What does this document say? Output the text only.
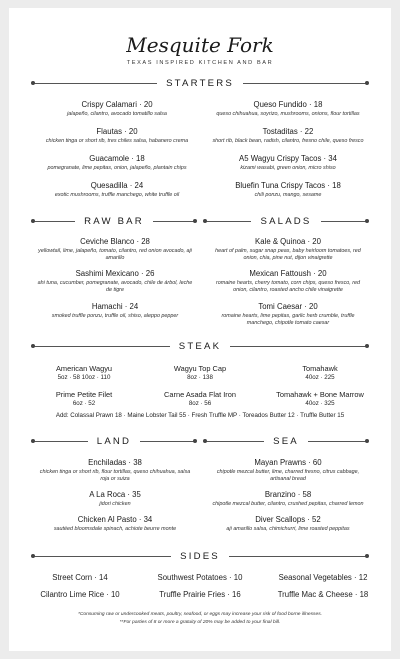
Mesquite Fork
TEXAS INSPIRED KITCHEN AND BAR
STARTERS
Crispy Calamari · 20
jalapeño, cilantro, avocado tomatillo salsa
Queso Fundido · 18
queso chihuahua, soyrizo, mushrooms, onions, flour tortillas
Flautas · 20
chicken tinga or short rib, tres chiles salsa, habanero crema
Tostaditas · 22
short rib, black bean, radish, cilantro, fresno chile, queso fresco
Guacamole · 18
pomegranate, lime pepitas, onion, jalapeño, plantain chips
A5 Wagyu Crispy Tacos · 34
kizami wasabi, green onion, micro shiso
Quesadilla · 24
exotic mushrooms, truffle manchego, white truffle oil
Bluefin Tuna Crispy Tacos · 18
chili ponzu, mango, sesame
RAW BAR	SALADS
Ceviche Blanco · 28
yellowtail, lime, jalapeño, tomato, cilantro, red onion avocado, aji amarillo
Sashimi Mexicano · 26
ahi tuna, cucumber, pomegranate, avocado, chile de árbol, leche de tigre
Hamachi · 24
smoked truffle ponzu, truffle oil, shiso, aleppo pepper
Kale & Quinoa · 20
heart of palm, sugar snap peas, baby heirloom tomatoes, red onion, chia, pine nut, dijon vinaigrette
Mexican Fattoush · 20
romaine hearts, cherry tomato, corn chips, queso fresco, red onion, cilantro, roasted ancho chile vinaigrette
Tomi Caesar · 20
romaine hearts, lime pepitas, garlic herb crumble, truffle manchego, chipotle tomato caesar
STEAK
American Wagyu
5oz · 58 10oz · 110
Wagyu Top Cap
8oz · 138
Tomahawk
40oz · 225
Prime Petite Filet
6oz · 52
Carne Asada Flat Iron
8oz · 56
Tomahawk + Bone Marrow
40oz · 325
Add: Colassal Prawn 18 · Maine Lobster Tail 55 · Fresh Truffle MP · Toreados Butter 12 · Truffle Butter 15
LAND	SEA
Enchiladas · 38
chicken tinga or short rib, flour tortillas, queso chihuahua, salsa roja or suiza
A La Roca · 35
jidori chicken
Chicken Al Pasto · 34
sautéed bloomsdale spinach, achiote beurre monte
Mayan Prawns · 60
chipotle mezcal butter, lime, charred fresno, citrus cabbage, artisanal bread
Branzino · 58
chipotle mezcal butter, cilantro, crushed pepitas, charred lemon
Diver Scallops · 52
aji amarillo salsa, chimichurri, lime roasted peppitas
SIDES
Street Corn · 14	Southwest Potatoes · 10	Seasonal Vegetables · 12
Cilantro Lime Rice · 10	Truffle Prairie Fries · 16	Truffle Mac & Cheese · 18
*Consuming raw or undercooked meats, poultry, seafood, or eggs may increase your risk of food borne illnesses.
**For parties of 8 or more a gratuity of 20% may be added to your final bill.
